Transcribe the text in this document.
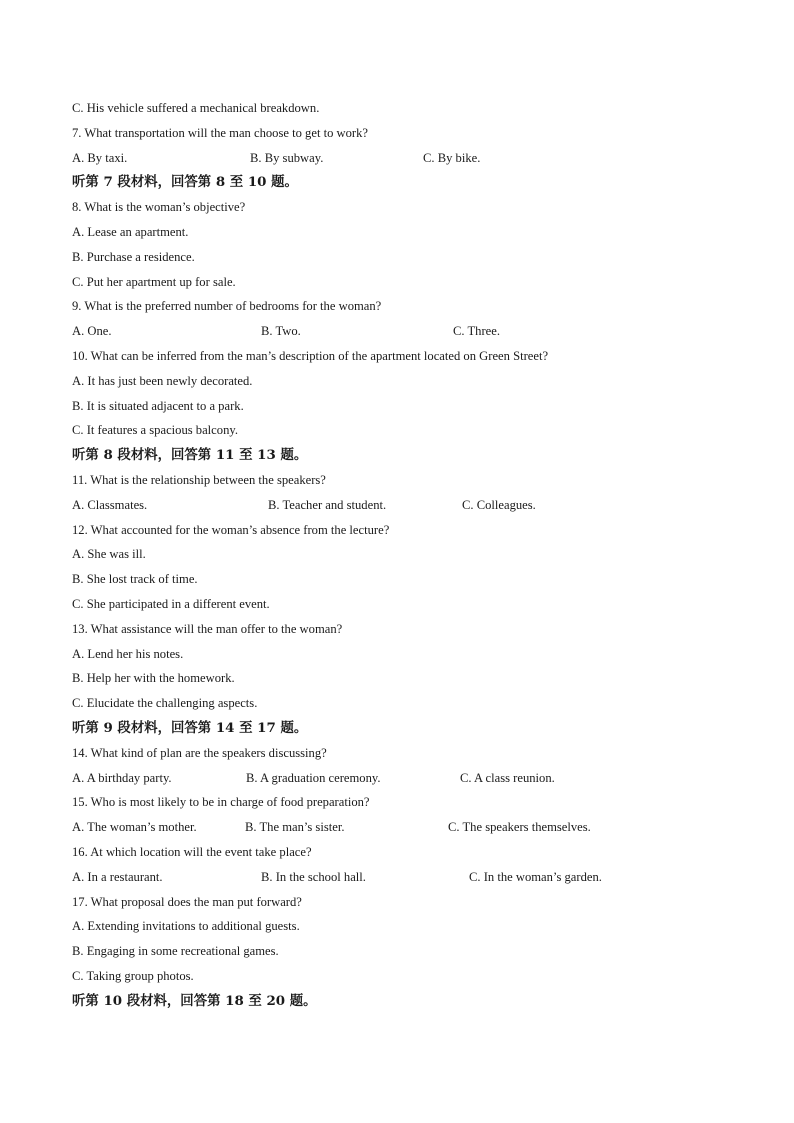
C. His vehicle suffered a mechanical breakdown.
7. What transportation will the man choose to get to work?
A. By taxi.	B. By subway.	C. By bike.
听第 7 段材料，回答第 8 至 10 题。
8. What is the woman’s objective?
A. Lease an apartment.
B. Purchase a residence.
C. Put her apartment up for sale.
9. What is the preferred number of bedrooms for the woman?
A. One.	B. Two.	C. Three.
10. What can be inferred from the man’s description of the apartment located on Green Street?
A. It has just been newly decorated.
B. It is situated adjacent to a park.
C. It features a spacious balcony.
听第 8 段材料，回答第 11 至 13 题。
11. What is the relationship between the speakers?
A. Classmates.	B. Teacher and student.	C. Colleagues.
12. What accounted for the woman’s absence from the lecture?
A. She was ill.
B. She lost track of time.
C. She participated in a different event.
13. What assistance will the man offer to the woman?
A. Lend her his notes.
B. Help her with the homework.
C. Elucidate the challenging aspects.
听第 9 段材料，回答第 14 至 17 题。
14. What kind of plan are the speakers discussing?
A. A birthday party.	B. A graduation ceremony.	C. A class reunion.
15. Who is most likely to be in charge of food preparation?
A. The woman’s mother.	B. The man’s sister.	C. The speakers themselves.
16. At which location will the event take place?
A. In a restaurant.	B. In the school hall.	C. In the woman’s garden.
17. What proposal does the man put forward?
A. Extending invitations to additional guests.
B. Engaging in some recreational games.
C. Taking group photos.
听第 10 段材料，回答第 18 至 20 题。
